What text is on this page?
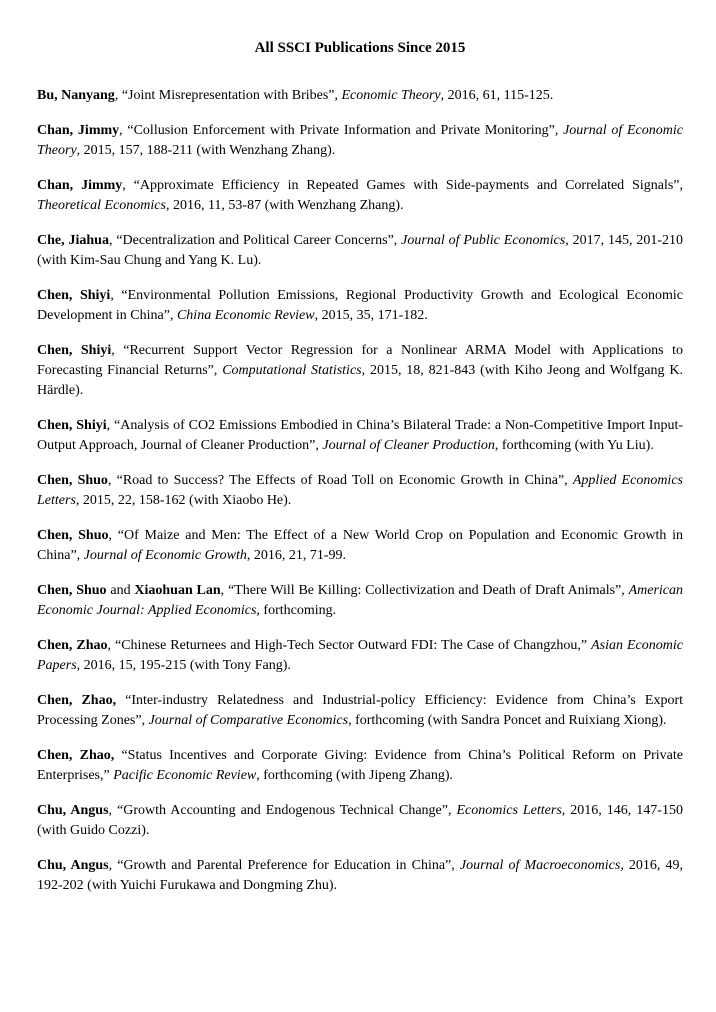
All SSCI Publications Since 2015

Bu, Nanyang, “Joint Misrepresentation with Bribes”, Economic Theory, 2016, 61, 115-125.

Chan, Jimmy, “Collusion Enforcement with Private Information and Private Monitoring”, Journal of Economic Theory, 2015, 157, 188-211 (with Wenzhang Zhang).

Chan, Jimmy, “Approximate Efficiency in Repeated Games with Side-payments and Correlated Signals”, Theoretical Economics, 2016, 11, 53-87 (with Wenzhang Zhang).

Che, Jiahua, “Decentralization and Political Career Concerns”, Journal of Public Economics, 2017, 145, 201-210 (with Kim-Sau Chung and Yang K. Lu).

Chen, Shiyi, “Environmental Pollution Emissions, Regional Productivity Growth and Ecological Economic Development in China”, China Economic Review, 2015, 35, 171-182.

Chen, Shiyi, “Recurrent Support Vector Regression for a Nonlinear ARMA Model with Applications to Forecasting Financial Returns”, Computational Statistics, 2015, 18, 821-843 (with Kiho Jeong and Wolfgang K. Härdle).

Chen, Shiyi, “Analysis of CO2 Emissions Embodied in China’s Bilateral Trade: a Non-Competitive Import Input-Output Approach, Journal of Cleaner Production”, Journal of Cleaner Production, forthcoming (with Yu Liu).

Chen, Shuo, “Road to Success? The Effects of Road Toll on Economic Growth in China”, Applied Economics Letters, 2015, 22, 158-162 (with Xiaobo He).

Chen, Shuo, “Of Maize and Men: The Effect of a New World Crop on Population and Economic Growth in China”, Journal of Economic Growth, 2016, 21, 71-99.

Chen, Shuo and Xiaohuan Lan, “There Will Be Killing: Collectivization and Death of Draft Animals”, American Economic Journal: Applied Economics, forthcoming.

Chen, Zhao, “Chinese Returnees and High-Tech Sector Outward FDI: The Case of Changzhou,” Asian Economic Papers, 2016, 15, 195-215 (with Tony Fang).

Chen, Zhao, “Inter-industry Relatedness and Industrial-policy Efficiency: Evidence from China’s Export Processing Zones”, Journal of Comparative Economics, forthcoming (with Sandra Poncet and Ruixiang Xiong).

Chen, Zhao, “Status Incentives and Corporate Giving: Evidence from China’s Political Reform on Private Enterprises,” Pacific Economic Review, forthcoming (with Jipeng Zhang).

Chu, Angus, “Growth Accounting and Endogenous Technical Change”, Economics Letters, 2016, 146, 147-150 (with Guido Cozzi).

Chu, Angus, “Growth and Parental Preference for Education in China”, Journal of Macroeconomics, 2016, 49, 192-202 (with Yuichi Furukawa and Dongming Zhu).
